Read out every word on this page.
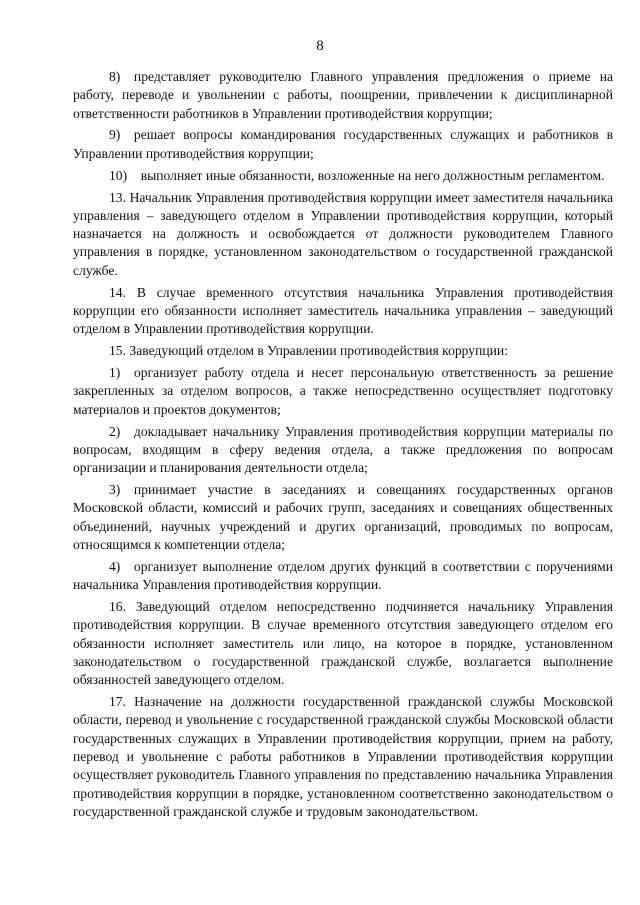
8

8) представляет руководителю Главного управления предложения о приеме на работу, переводе и увольнении с работы, поощрении, привлечении к дисциплинарной ответственности работников в Управлении противодействия коррупции;

9) решает вопросы командирования государственных служащих и работников в Управлении противодействия коррупции;

10) выполняет иные обязанности, возложенные на него должностным регламентом.

13. Начальник Управления противодействия коррупции имеет заместителя начальника управления – заведующего отделом в Управлении противодействия коррупции, который назначается на должность и освобождается от должности руководителем Главного управления в порядке, установленном законодательством о государственной гражданской службе.

14. В случае временного отсутствия начальника Управления противодействия коррупции его обязанности исполняет заместитель начальника управления – заведующий отделом в Управлении противодействия коррупции.

15. Заведующий отделом в Управлении противодействия коррупции:

1) организует работу отдела и несет персональную ответственность за решение закрепленных за отделом вопросов, а также непосредственно осуществляет подготовку материалов и проектов документов;

2) докладывает начальнику Управления противодействия коррупции материалы по вопросам, входящим в сферу ведения отдела, а также предложения по вопросам организации и планирования деятельности отдела;

3) принимает участие в заседаниях и совещаниях государственных органов Московской области, комиссий и рабочих групп, заседаниях и совещаниях общественных объединений, научных учреждений и других организаций, проводимых по вопросам, относящимся к компетенции отдела;

4) организует выполнение отделом других функций в соответствии с поручениями начальника Управления противодействия коррупции.

16. Заведующий отделом непосредственно подчиняется начальнику Управления противодействия коррупции. В случае временного отсутствия заведующего отделом его обязанности исполняет заместитель или лицо, на которое в порядке, установленном законодательством о государственной гражданской службе, возлагается выполнение обязанностей заведующего отделом.

17. Назначение на должности государственной гражданской службы Московской области, перевод и увольнение с государственной гражданской службы Московской области государственных служащих в Управлении противодействия коррупции, прием на работу, перевод и увольнение с работы работников в Управлении противодействия коррупции осуществляет руководитель Главного управления по представлению начальника Управления противодействия коррупции в порядке, установленном соответственно законодательством о государственной гражданской службе и трудовым законодательством.
